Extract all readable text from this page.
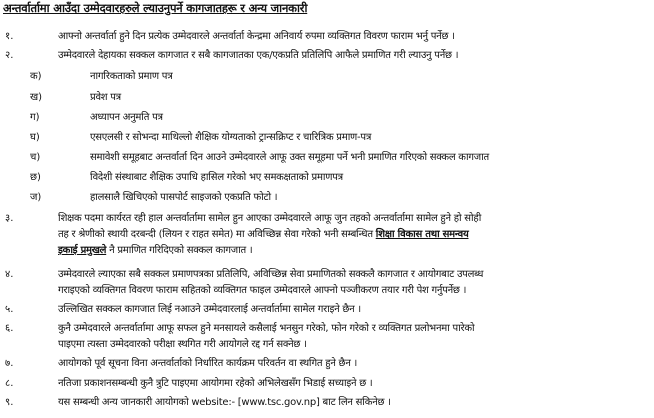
अन्तर्वार्तामा आउँदा उम्मेदवारहरुले ल्याउनुपर्ने कागजातहरू र अन्य जानकारी
१.	आफ्नो अन्तर्वार्ता हुने दिन प्रत्येक उम्मेदवारले अन्तर्वार्ता केन्द्रमा अनिवार्य रुपमा व्यक्तिगत विवरण फाराम भर्नु पर्नेछ ।
२.	उम्मेदवारले देहायका सक्कल कागजात र सबै कागजातका एक/एकप्रति प्रतिलिपि आफैले प्रमाणित गरी ल्याउनु पर्नेछ ।
क)	नागरिकताको प्रमाण पत्र
ख)	प्रवेश पत्र
ग)	अध्यापन अनुमति पत्र
घ)	एसएलसी र सोभन्दा माथिल्लो शैक्षिक योग्यताको ट्रान्सक्रिप्ट र चारित्रिक प्रमाण-पत्र
च)	समावेशी समूहबाट अन्तर्वार्ता दिन आउने उम्मेदवारले आफू उक्त समूहमा पर्ने भनी प्रमाणित गरिएको सक्कल कागजात
छ)	विदेशी संस्थाबाट शैक्षिक उपाधि हासिल गरेको भए समकक्षताको प्रमाणपत्र
ज)	हालसालै खिचिएको पासपोर्ट साइजको एकप्रति फोटो ।
३.	शिक्षक पदमा कार्यरत रही हाल अन्तर्वार्तामा सामेल हुन आएका उम्मेदवारले आफू जुन तहको अन्तर्वार्तामा सामेल हुने हो सोही
तह र श्रेणीको स्थायी दरबन्दी (लियन र राहत समेत) मा अविच्छिन्न सेवा गरेको भनी सम्बन्धित शिक्षा विकास तथा समन्वय
इकाई प्रमुखले नै प्रमाणित गरिदिएको सक्कल कागजात ।
४.	उम्मेदवारले ल्याएका सबै सक्कल प्रमाणपत्रका प्रतिलिपि, अविच्छिन्न सेवा प्रमाणितको सक्कलै कागजात र आयोगबाट उपलब्ध
गराइएको व्यक्तिगत विवरण फाराम सहितको व्यक्तिगत फाइल उम्मेदवारले आफ्नो पञ्जीकरण तयार गरी पेश गर्नुपर्नेछ ।
५.	उल्लिखित सक्कल कागजात लिई नआउने उम्मेदवारलाई अन्तर्वार्तामा सामेल गराइने छैन ।
६.	कुनै उम्मेदवारले अन्तर्वार्तामा आफू सफल हुने मनसायले कसैलाई भनसुन गरेको, फोन गरेको र व्यक्तिगत प्रलोभनमा पारेको
पाइएमा त्यस्ता उम्मेदवारको परीक्षा स्थगित गरी आयोगले रद्द गर्न सक्नेछ ।
७.	आयोगको पूर्व सूचना विना अन्तर्वार्ताको निर्धारित कार्यक्रम परिवर्तन वा स्थगित हुने छैन ।
८.	नतिजा प्रकाशनसम्बन्धी कुनै त्रुटि पाइएमा आयोगमा रहेको अभिलेखसँग भिडाई सच्याइने छ ।
९.	यस सम्बन्धी अन्य जानकारी आयोगको website:- [www.tsc.gov.np] बाट लिन सकिनेछ ।
